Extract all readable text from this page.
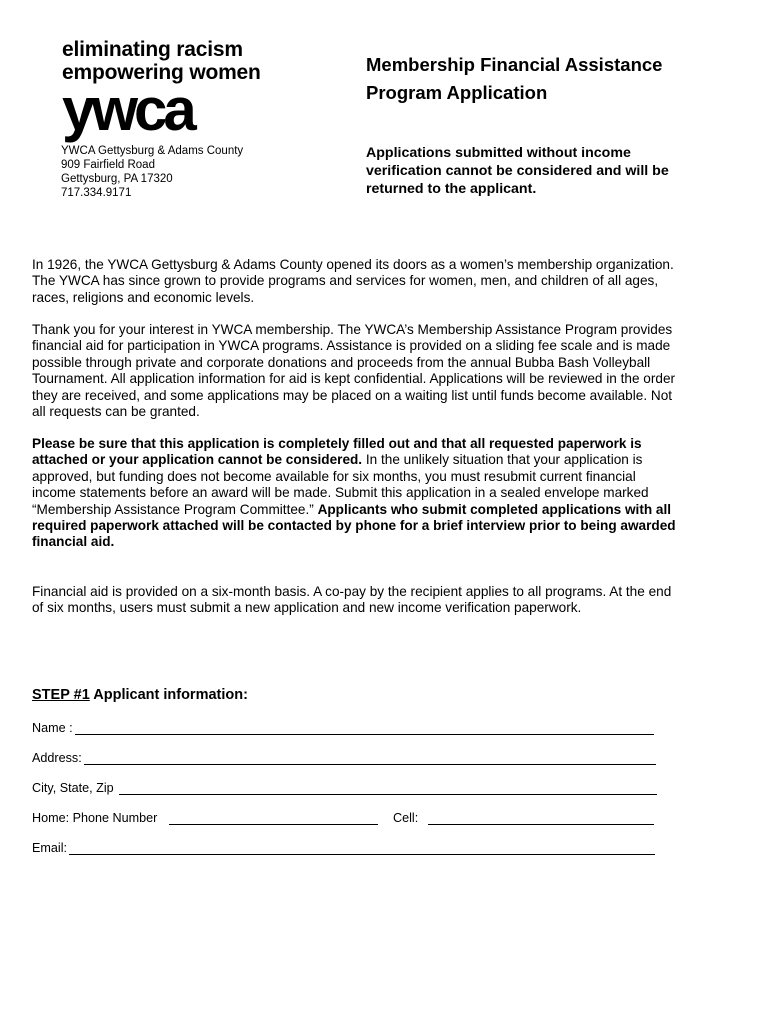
eliminating racism
empowering women
ywca
YWCA Gettysburg & Adams County
909 Fairfield Road
Gettysburg, PA 17320
717.334.9171
Membership Financial Assistance
Program Application
Applications submitted without income verification cannot be considered and will be returned to the applicant.

In 1926, the YWCA Gettysburg & Adams County opened its doors as a women’s membership organization. The YWCA has since grown to provide programs and services for women, men, and children of all ages, races, religions and economic levels.

Thank you for your interest in YWCA membership. The YWCA’s Membership Assistance Program provides financial aid for participation in YWCA programs. Assistance is provided on a sliding fee scale and is made possible through private and corporate donations and proceeds from the annual Bubba Bash Volleyball Tournament. All application information for aid is kept confidential. Applications will be reviewed in the order they are received, and some applications may be placed on a waiting list until funds become available. Not all requests can be granted.

Please be sure that this application is completely filled out and that all requested paperwork is attached or your application cannot be considered. In the unlikely situation that your application is approved, but funding does not become available for six months, you must resubmit current financial income statements before an award will be made. Submit this application in a sealed envelope marked “Membership Assistance Program Committee.” Applicants who submit completed applications with all required paperwork attached will be contacted by phone for a brief interview prior to being awarded financial aid.

Financial aid is provided on a six-month basis. A co-pay by the recipient applies to all programs. At the end of six months, users must submit a new application and new income verification paperwork.

STEP #1 Applicant information:
Name :
Address:
City, State, Zip
Home: Phone Number	Cell:
Email:
